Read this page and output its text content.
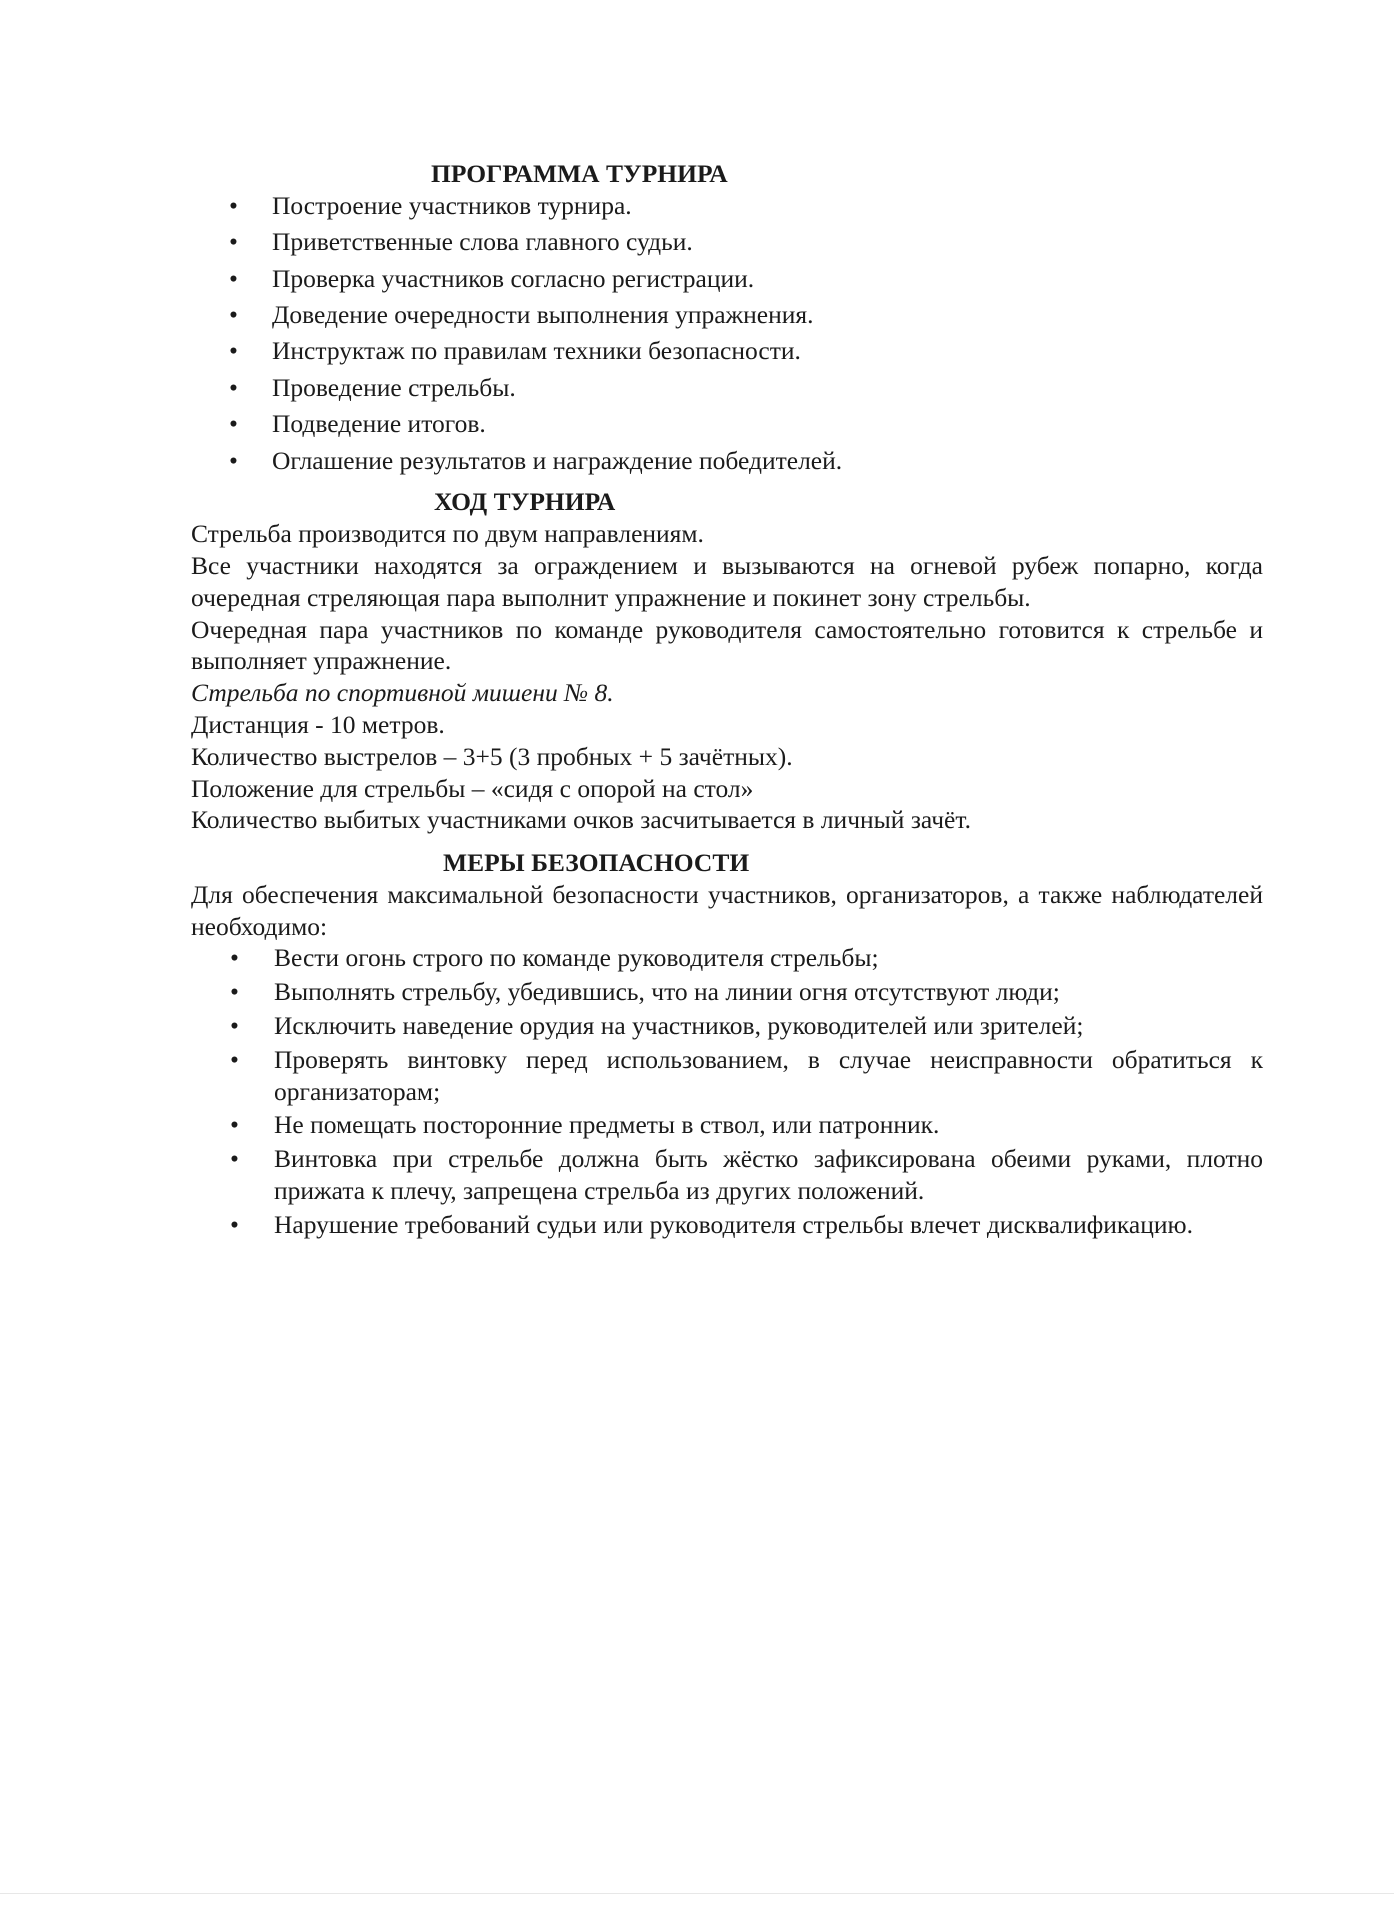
ПРОГРАММА ТУРНИРА
• Построение участников турнира.
• Приветственные слова главного судьи.
• Проверка участников согласно регистрации.
• Доведение очередности выполнения упражнения.
• Инструктаж по правилам техники безопасности.
• Проведение стрельбы.
• Подведение итогов.
• Оглашение результатов и награждение победителей.
ХОД ТУРНИРА

Стрельба производится по двум направлениям.

Все участники находятся за ограждением и вызываются на огневой рубеж попарно, когда очередная стреляющая пара выполнит упражнение и покинет зону стрельбы.

Очередная пара участников по команде руководителя самостоятельно готовится к стрельбе и выполняет упражнение.

Стрельба по спортивной мишени № 8.

Дистанция - 10 метров.

Количество выстрелов – 3+5 (3 пробных + 5 зачётных).

Положение для стрельбы – «сидя с опорой на стол»

Количество выбитых участниками очков засчитывается в личный зачёт.

МЕРЫ БЕЗОПАСНОСТИ

Для обеспечения максимальной безопасности участников, организаторов, а также наблюдателей необходимо:

• Вести огонь строго по команде руководителя стрельбы;
• Выполнять стрельбу, убедившись, что на линии огня отсутствуют люди;
• Исключить наведение орудия на участников, руководителей или зрителей;
• Проверять винтовку перед использованием, в случае неисправности обратиться к организаторам;
• Не помещать посторонние предметы в ствол, или патронник.
• Винтовка при стрельбе должна быть жёстко зафиксирована обеими руками, плотно прижата к плечу, запрещена стрельба из других положений.
• Нарушение требований судьи или руководителя стрельбы влечет дисквалификацию.
